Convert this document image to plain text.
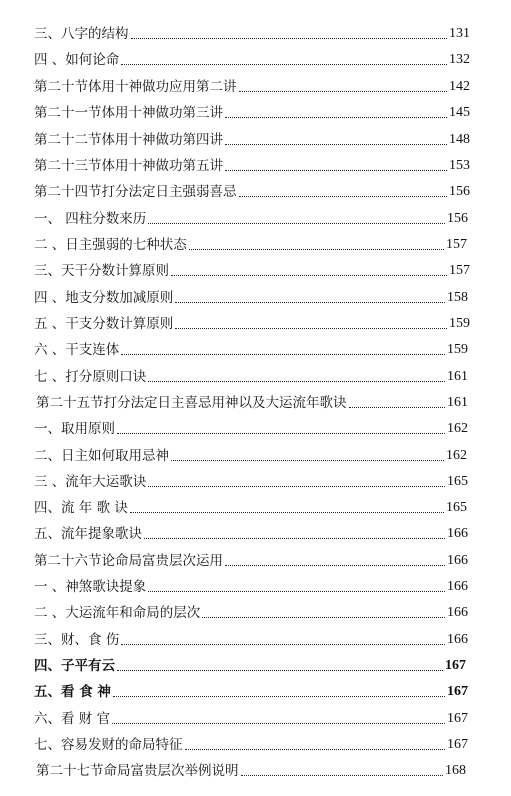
三、八字的结构	131
四 、如何论命	132
第二十节体用十神做功应用第二讲	142
第二十一节体用十神做功第三讲	145
第二十二节体用十神做功第四讲	148
第二十三节体用十神做功第五讲	153
第二十四节打分法定日主强弱喜忌	156
一、 四柱分数来历	156
二 、日主强弱的七种状态	157
三、天干分数计算原则	157
四 、地支分数加减原则	158
五 、干支分数计算原则	159
六 、干支连体	159
七 、打分原则口诀	161
第二十五节打分法定日主喜忌用神以及大运流年歌诀	161
一、取用原则	162
二、日主如何取用忌神	162
三 、流年大运歌诀	165
四、流 年 歌 诀	165
五、流年提象歌诀	166
第二十六节论命局富贵层次运用	166
一 、神煞歌诀提象	166
二 、大运流年和命局的层次	166
三、财、食 伤	166
四、子平有云	167
五、看 食 神	167
六、看 财 官	167
七、容易发财的命局特征	167
第二十七节命局富贵层次举例说明	168
